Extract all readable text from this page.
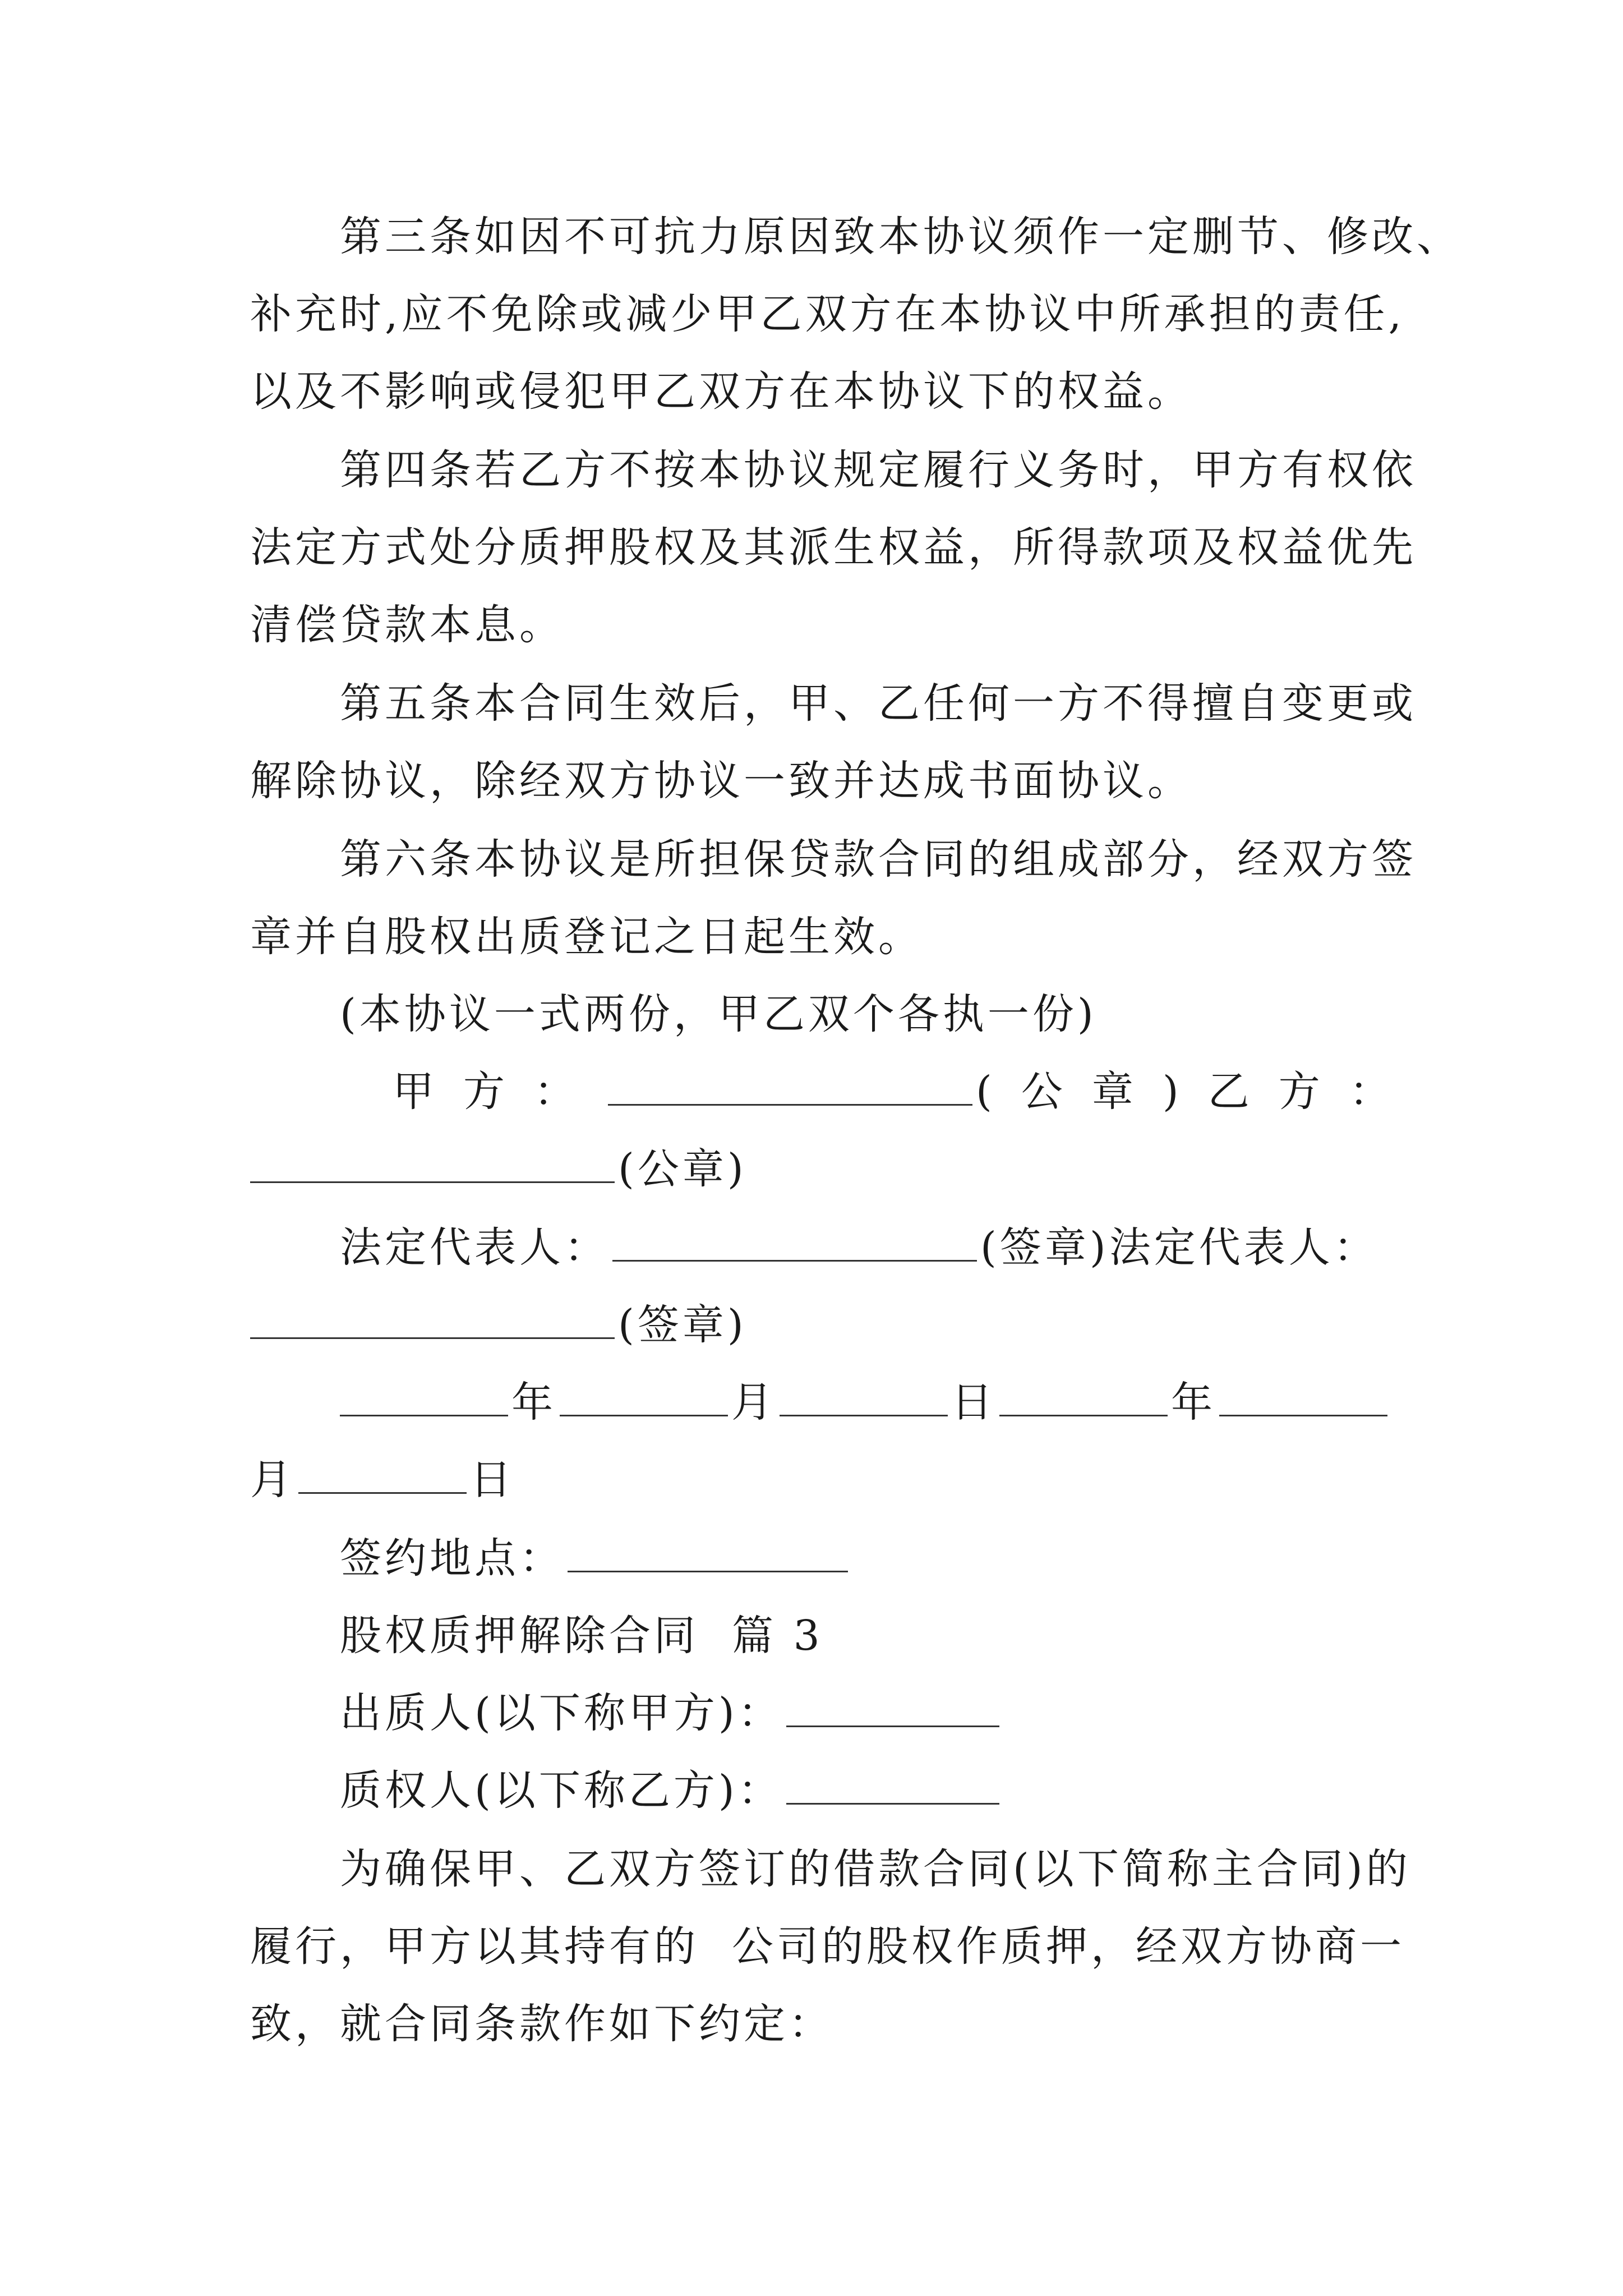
第三条如因不可抗力原因致本协议须作一定删节、修改、
补充时,应不免除或减少甲乙双方在本协议中所承担的责任,
以及不影响或侵犯甲乙双方在本协议下的权益。
第四条若乙方不按本协议规定履行义务时，甲方有权依
法定方式处分质押股权及其派生权益，所得款项及权益优先
清偿贷款本息。
第五条本合同生效后，甲、乙任何一方不得擅自变更或
解除协议，除经双方协议一致并达成书面协议。
第六条本协议是所担保贷款合同的组成部分，经双方签
章并自股权出质登记之日起生效。
(本协议一式两份，甲乙双个各执一份)
甲方：	(公章)乙方：
(公章)
法定代表人：	(签章)法定代表人：
(签章)
年	月	日	年
月	日
签约地点：
股权质押解除合同  篇 3
出质人(以下称甲方)：
质权人(以下称乙方)：
为确保甲、乙双方签订的借款合同(以下简称主合同)的
履行，甲方以其持有的  公司的股权作质押，经双方协商一
致，就合同条款作如下约定：
